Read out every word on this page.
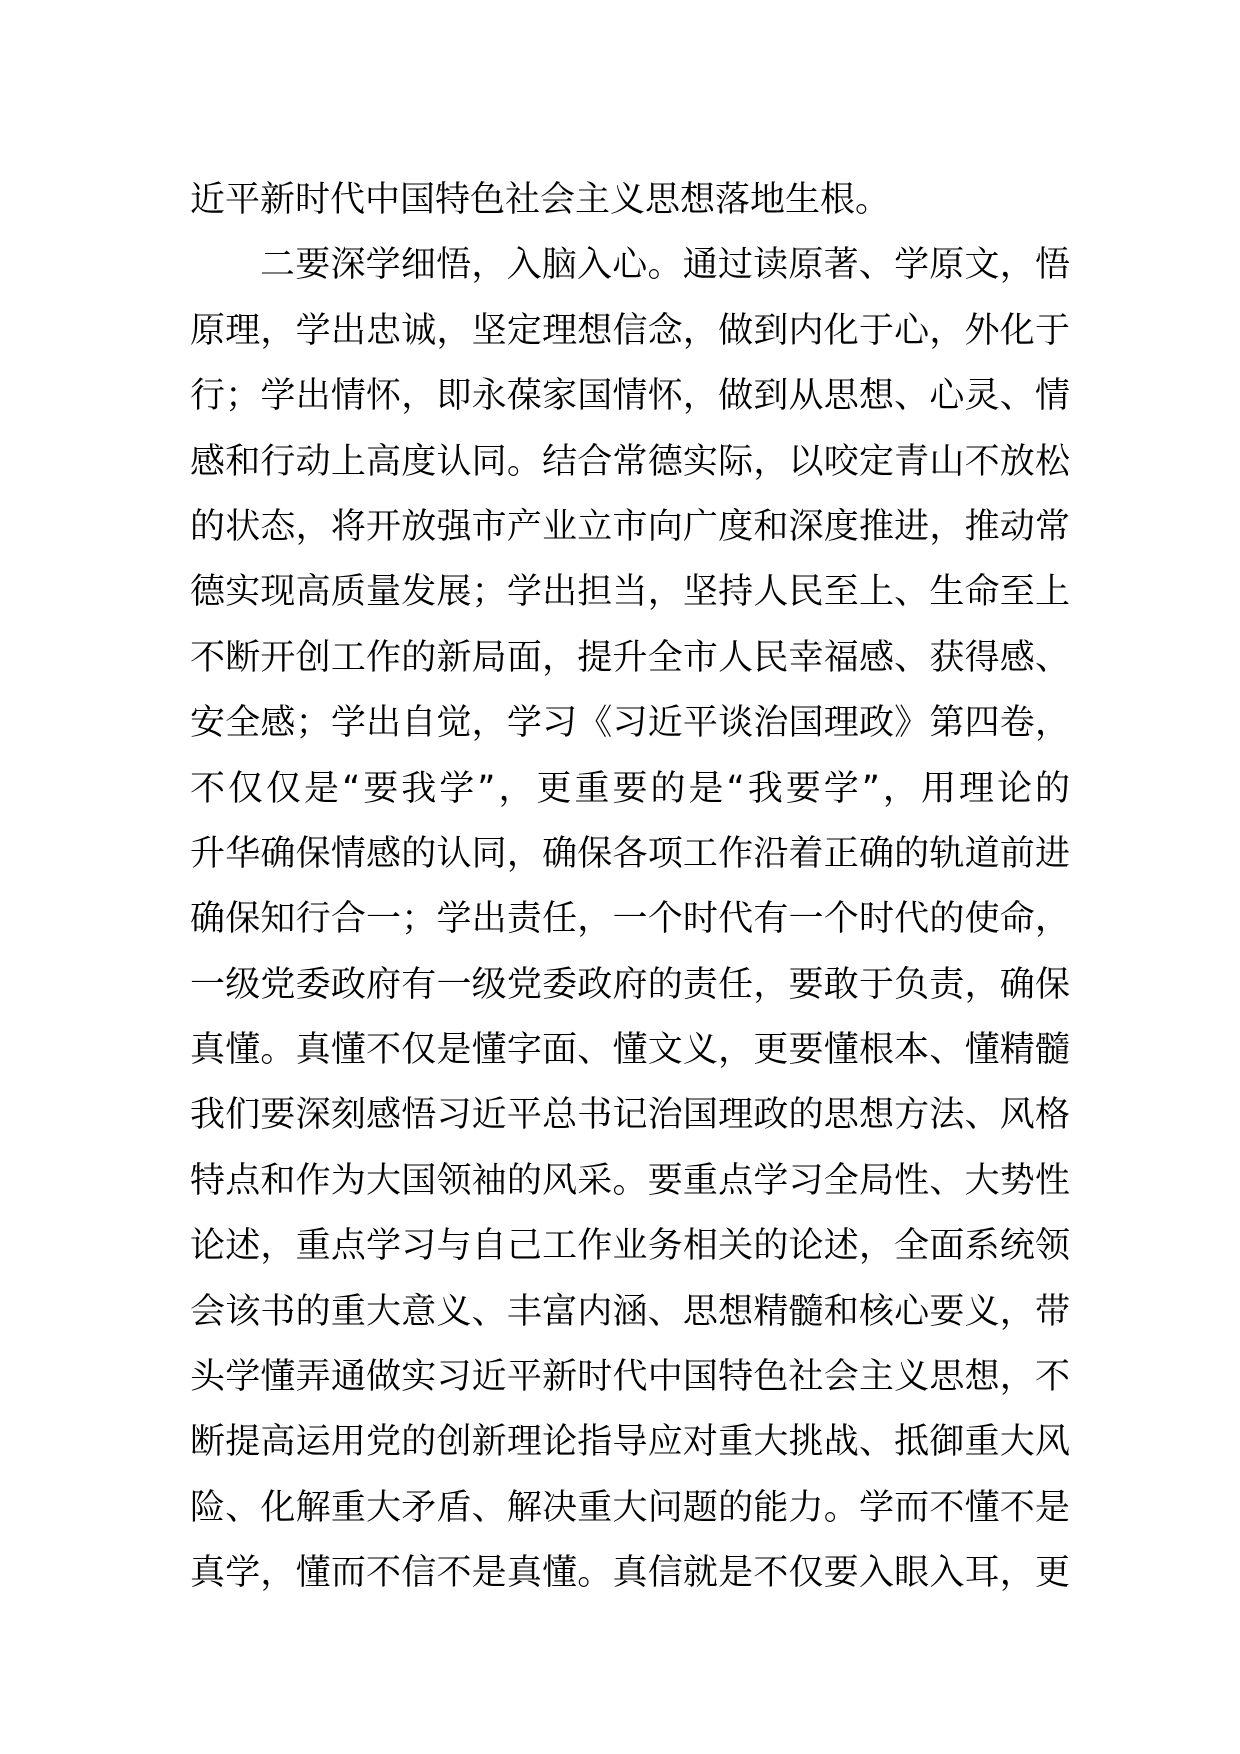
近平新时代中国特色社会主义思想落地生根。
二要深学细悟，入脑入心。通过读原著、学原文，悟
原理，学出忠诚，坚定理想信念，做到内化于心，外化于
行；学出情怀，即永葆家国情怀，做到从思想、心灵、情
感和行动上高度认同。结合常德实际，以咬定青山不放松
的状态，将开放强市产业立市向广度和深度推进，推动常
德实现高质量发展；学出担当，坚持人民至上、生命至上
不断开创工作的新局面，提升全市人民幸福感、获得感、
安全感；学出自觉，学习《习近平谈治国理政》第四卷，
不仅仅是“要我学”，更重要的是“我要学”，用理论的
升华确保情感的认同，确保各项工作沿着正确的轨道前进
确保知行合一；学出责任，一个时代有一个时代的使命，
一级党委政府有一级党委政府的责任，要敢于负责，确保
真懂。真懂不仅是懂字面、懂文义，更要懂根本、懂精髓
我们要深刻感悟习近平总书记治国理政的思想方法、风格
特点和作为大国领袖的风采。要重点学习全局性、大势性
论述，重点学习与自己工作业务相关的论述，全面系统领
会该书的重大意义、丰富内涵、思想精髓和核心要义，带
头学懂弄通做实习近平新时代中国特色社会主义思想，不
断提高运用党的创新理论指导应对重大挑战、抵御重大风
险、化解重大矛盾、解决重大问题的能力。学而不懂不是
真学，懂而不信不是真懂。真信就是不仅要入眼入耳，更
